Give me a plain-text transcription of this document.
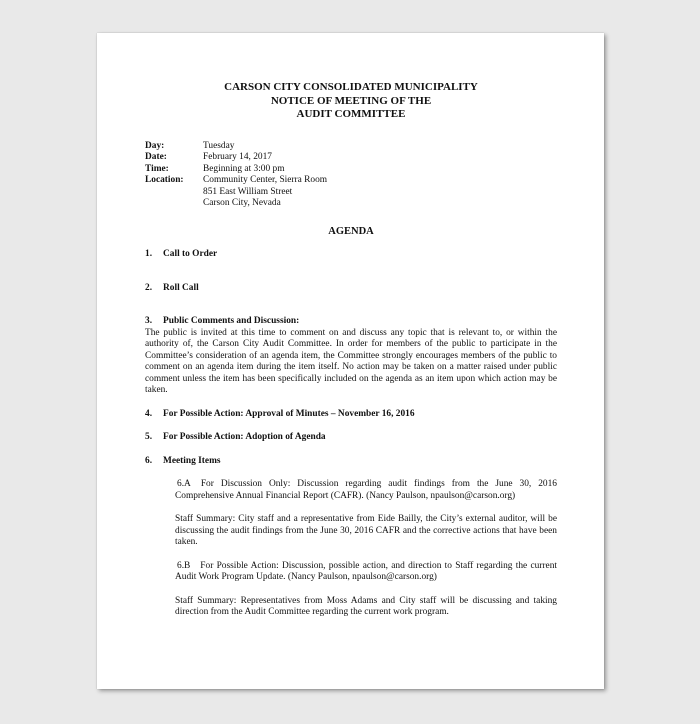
CARSON CITY CONSOLIDATED MUNICIPALITY
NOTICE OF MEETING OF THE
AUDIT COMMITTEE
Day:	Tuesday
Date:	February 14, 2017
Time:	Beginning at 3:00 pm
Location:	Community Center, Sierra Room
851 East William Street
Carson City, Nevada
AGENDA
1. Call to Order
2. Roll Call
3. Public Comments and Discussion:
The public is invited at this time to comment on and discuss any topic that is relevant to, or within the authority of, the Carson City Audit Committee. In order for members of the public to participate in the Committee’s consideration of an agenda item, the Committee strongly encourages members of the public to comment on an agenda item during the item itself. No action may be taken on a matter raised under public comment unless the item has been specifically included on the agenda as an item upon which action may be taken.
4. For Possible Action: Approval of Minutes – November 16, 2016
5. For Possible Action: Adoption of Agenda
6. Meeting Items
6.A For Discussion Only: Discussion regarding audit findings from the June 30, 2016 Comprehensive Annual Financial Report (CAFR). (Nancy Paulson, npaulson@carson.org)
Staff Summary: City staff and a representative from Eide Bailly, the City’s external auditor, will be discussing the audit findings from the June 30, 2016 CAFR and the corrective actions that have been taken.
6.B For Possible Action: Discussion, possible action, and direction to Staff regarding the current Audit Work Program Update. (Nancy Paulson, npaulson@carson.org)
Staff Summary: Representatives from Moss Adams and City staff will be discussing and taking direction from the Audit Committee regarding the current work program.
